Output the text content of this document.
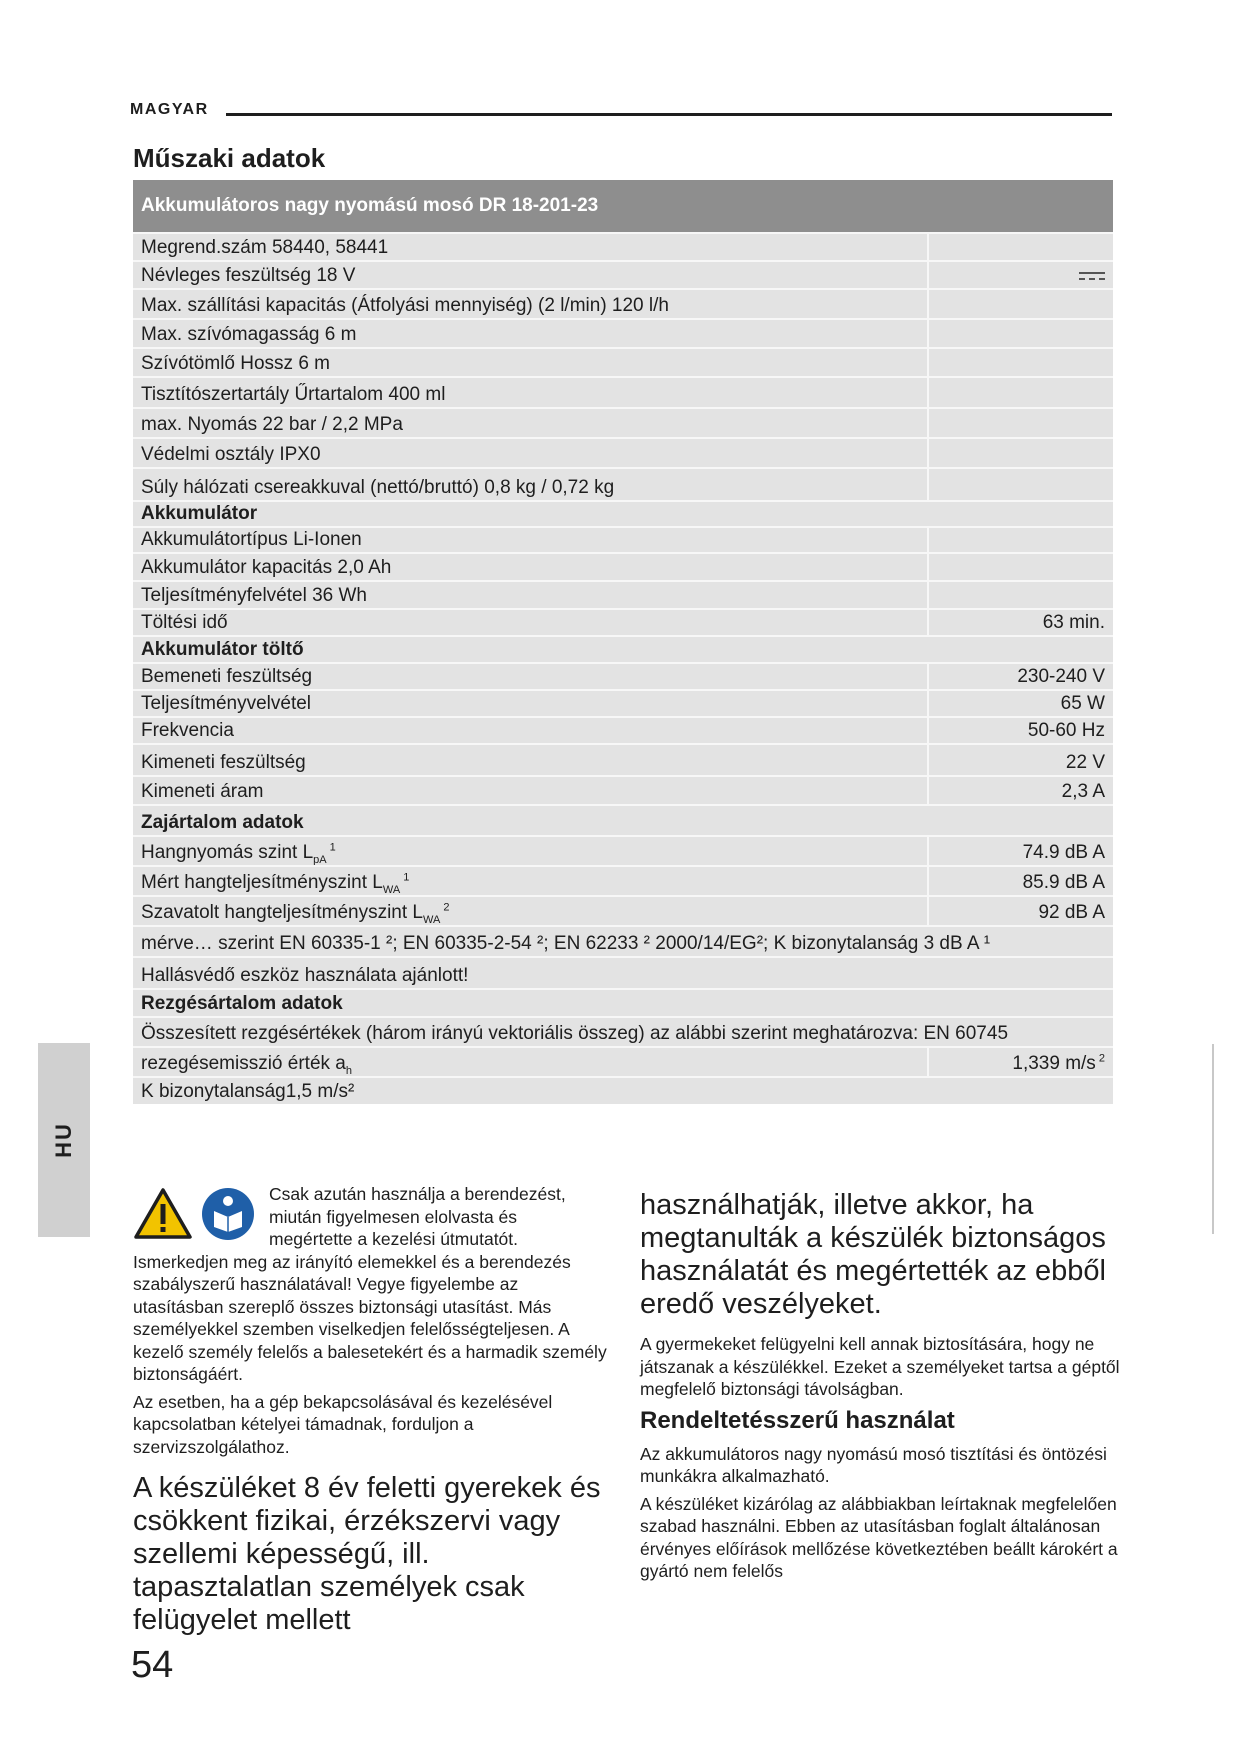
MAGYAR
Műszaki adatok
Akkumulátoros nagy nyomású mosó DR 18-201-23
Megrend.szám 58440, 58441
Névleges feszültség 18 V
Max. szállítási kapacitás (Átfolyási mennyiség) (2 l/min) 120 l/h
Max. szívómagasság 6 m
Szívótömlő Hossz 6 m
Tisztítószertartály Űrtartalom 400 ml
max. Nyomás 22 bar / 2,2 MPa
Védelmi osztály IPX0
Súly hálózati csereakkuval (nettó/bruttó) 0,8 kg / 0,72 kg
Akkumulátor
Akkumulátortípus Li-Ionen
Akkumulátor kapacitás 2,0 Ah
Teljesítményfelvétel 36 Wh
Töltési idő	63 min.
Akkumulátor töltő
Bemeneti feszültség	230-240 V
Teljesítményvelvétel	65 W
Frekvencia	50-60 Hz
Kimeneti feszültség	22 V
Kimeneti áram	2,3 A
Zajártalom adatok
Hangnyomás szint $L_{pA}$ $^1$	74.9 dB A
Mért hangteljesítményszint $L_{WA}$ $^1$	85.9 dB A
Szavatolt hangteljesítményszint $L_{WA}$ $^2$	92 dB A
mérve… szerint EN 60335-1 ²; EN 60335-2-54 ²; EN 62233 ² 2000/14/EG²; K bizonytalanság 3 dB A ¹
Hallásvédő eszköz használata ajánlott!
Rezgésártalom adatok
Összesített rezgésértékek (három irányú vektoriális összeg) az alábbi szerint meghatározva: EN 60745
rezegésemisszió érték $a_h$	1,339 m/s $^2$
K bizonytalanság1,5 m/s²
HU

Csak azután használja a berendezést,
miután figyelmesen elolvasta és
megértette a kezelési útmutatót.

Ismerkedjen meg az irányító elemekkel és a berendezés szabályszerű használatával! Vegye figyelembe az utasításban szereplő összes biztonsági utasítást. Más személyekkel szemben viselkedjen felelősségteljesen. A kezelő személy felelős a balesetekért és a harmadik személy biztonságáért.

Az esetben, ha a gép bekapcsolásával és kezelésével kapcsolatban kételyei támadnak, forduljon a szervizszolgálathoz.

A készüléket 8 év feletti gyerekek és csökkent fizikai, érzékszervi vagy szellemi képességű, ill. tapasztalatlan személyek csak felügyelet mellett

használhatják, illetve akkor, ha megtanulták a készülék biztonságos használatát és megértették az ebből eredő veszélyeket.

A gyermekeket felügyelni kell annak biztosítására, hogy ne játszanak a készülékkel. Ezeket a személyeket tartsa a géptől megfelelő biztonsági távolságban.

Rendeltetésszerű használat

Az akkumulátoros nagy nyomású mosó tisztítási és öntözési munkákra alkalmazható.

A készüléket kizárólag az alábbiakban leírtaknak megfelelően szabad használni. Ebben az utasításban foglalt általánosan érvényes előírások mellőzése következtében beállt károkért a gyártó nem felelős

54
